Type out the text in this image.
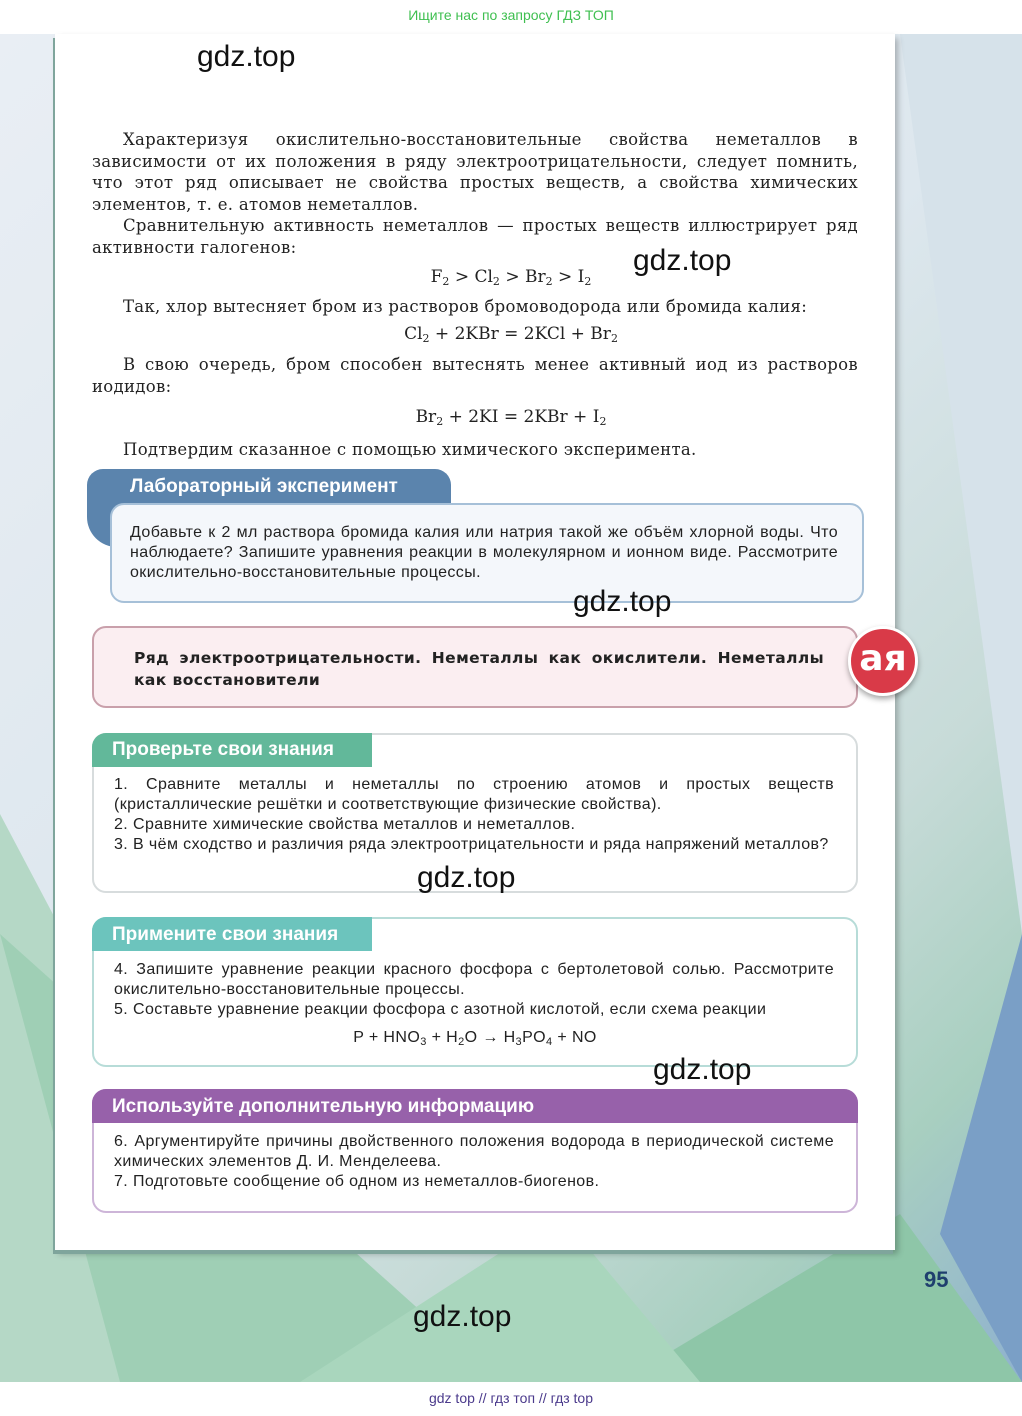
Ищите нас по запросу ГДЗ ТОП
gdz.top
Характеризуя окислительно-восстановительные свойства неметаллов в зависимости от их положения в ряду электроотрицательности, следует помнить, что этот ряд описывает не свойства простых веществ, а свойства химических элементов, т. е. атомов неметаллов.
Сравнительную активность неметаллов — простых веществ иллюстрирует ряд активности галогенов:
$F_2 > Cl_2 > Br_2 > I_2$
gdz.top
Так, хлор вытесняет бром из растворов бромоводорода или бромида калия:
$Cl_2 + 2KBr = 2KCl + Br_2$
В свою очередь, бром способен вытеснять менее активный иод из растворов иодидов:
$Br_2 + 2KI = 2KBr + I_2$
Подтвердим сказанное с помощью химического эксперимента.
Лабораторный эксперимент
Добавьте к 2 мл раствора бромида калия или натрия такой же объём хлорной воды. Что наблюдаете? Запишите уравнения реакции в молекулярном и ионном виде. Рассмотрите окислительно-восстановительные процессы.
gdz.top
Ряд электроотрицательности. Неметаллы как окислители. Неметаллы как восстановители
ая
Проверьте свои знания
1. Сравните металлы и неметаллы по строению атомов и простых веществ (кристаллические решётки и соответствующие физические свойства).
2. Сравните химические свойства металлов и неметаллов.
3. В чём сходство и различия ряда электроотрицательности и ряда напряжений металлов?
gdz.top
Примените свои знания
4. Запишите уравнение реакции красного фосфора с бертолетовой солью. Рассмотрите окислительно-восстановительные процессы.
5. Составьте уравнение реакции фосфора с азотной кислотой, если схема реакции
$P + HNO_3 + H_2O \to H_3PO_4$ + NO
gdz.top
Используйте дополнительную информацию
6. Аргументируйте причины двойственного положения водорода в периодической системе химических элементов Д. И. Менделеева.
7. Подготовьте сообщение об одном из неметаллов-биогенов.
95
gdz.top
gdz top // гдз топ // гдз top
